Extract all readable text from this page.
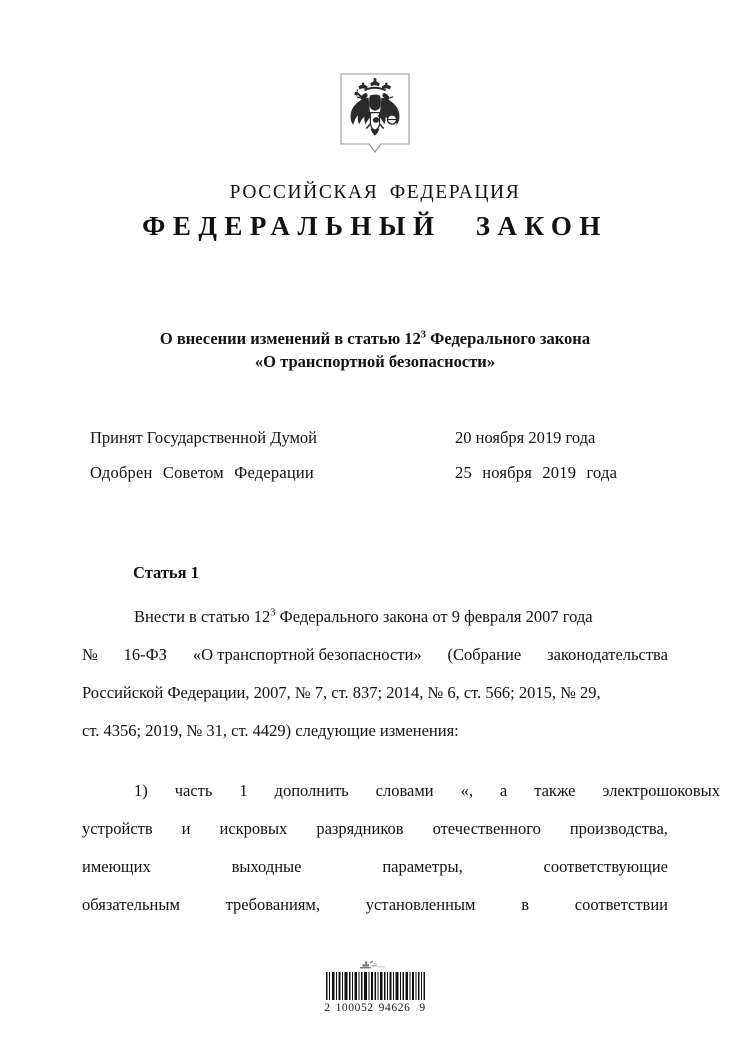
РОССИЙСКАЯ ФЕДЕРАЦИЯ
ФЕДЕРАЛЬНЫЙ ЗАКОН
О внесении изменений в статью $12^3$ Федерального закона
«О транспортной безопасности»
Принят Государственной Думой	20 ноября 2019 года
Одобрен Советом Федерации	25 ноября 2019 года
Статья 1

Внести в статью $12^3$ Федерального закона от 9 февраля 2007 года
№ 16-ФЗ «О транспортной безопасности» (Собрание законодательства
Российской Федерации, 2007, № 7, ст. 837; 2014, № 6, ст. 566; 2015, № 29,
ст. 4356; 2019, № 31, ст. 4429) следующие изменения:

1) часть 1 дополнить словами «, а также электрошоковых
устройств и искровых разрядников отечественного производства,
имеющих	выходные	параметры,	соответствующие
обязательным	требованиям,	установленным	в	соответствии

2 100052 94626 9
